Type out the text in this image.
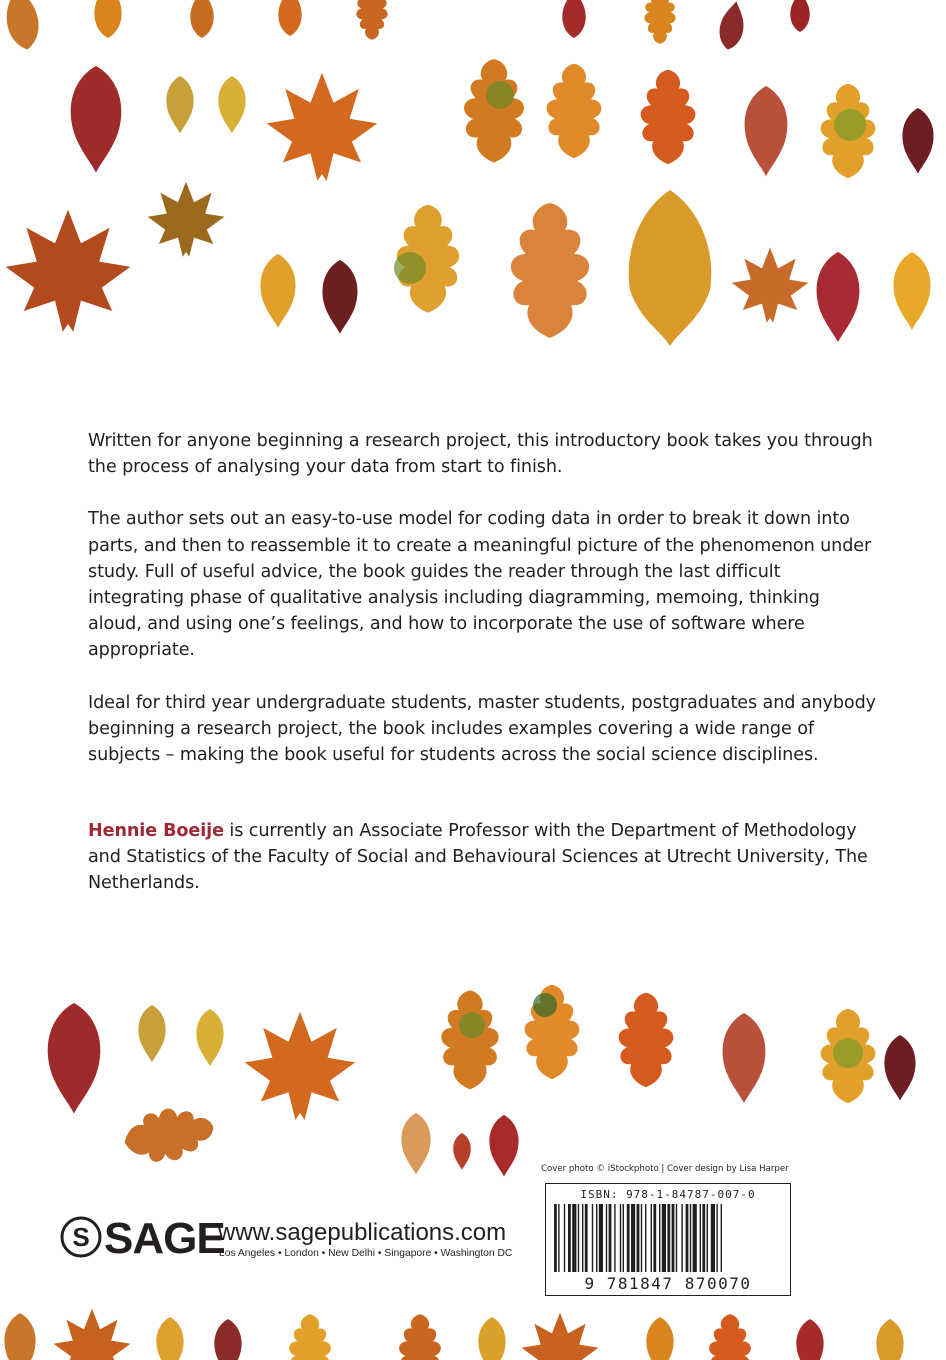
Written for anyone beginning a research project, this introductory book takes you through the process of analysing your data from start to finish.

The author sets out an easy-to-use model for coding data in order to break it down into parts, and then to reassemble it to create a meaningful picture of the phenomenon under study. Full of useful advice, the book guides the reader through the last difficult integrating phase of qualitative analysis including diagramming, memoing, thinking aloud, and using one’s feelings, and how to incorporate the use of software where appropriate.

Ideal for third year undergraduate students, master students, postgraduates and anybody beginning a research project, the book includes examples covering a wide range of subjects – making the book useful for students across the social science disciplines.

Hennie Boeije is currently an Associate Professor with the Department of Methodology and Statistics of the Faculty of Social and Behavioural Sciences at Utrecht University, The Netherlands.
Cover photo © iStockphoto | Cover design by Lisa Harper
ISBN: 978-1-84787-007-0
9 781847 870070
S SAGE
www.sagepublications.com
Los Angeles • London • New Delhi • Singapore • Washington DC
